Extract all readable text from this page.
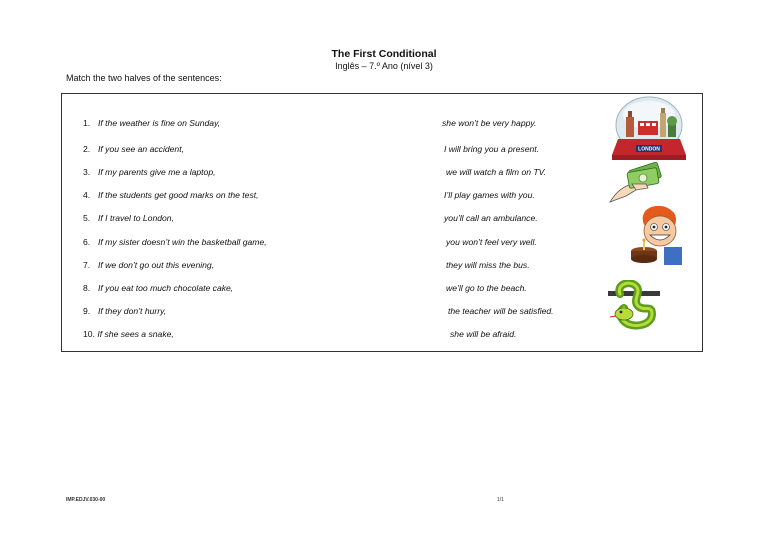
The First Conditional
Inglês – 7.º Ano (nível 3)
Match the two halves of the sentences:
1. If the weather is fine on Sunday,
2. If you see an accident,
3. If my parents give me a laptop,
4. If the students get good marks on the test,
5. If I travel to London,
6. If my sister doesn’t win the basketball game,
7. If we don’t go out this evening,
8. If you eat too much chocolate cake,
9. If they don’t hurry,
10. If she sees a snake,
she won’t be very happy.
I will bring you a present.
we will watch a film on TV.
I’ll play games with you.
you’ll call an ambulance.
you won’t feel very well.
they will miss the bus.
we’ll go to the beach.
the teacher will be satisfied.
she will be afraid.
LONDON
IMP.EDJV.030-00	1/1
